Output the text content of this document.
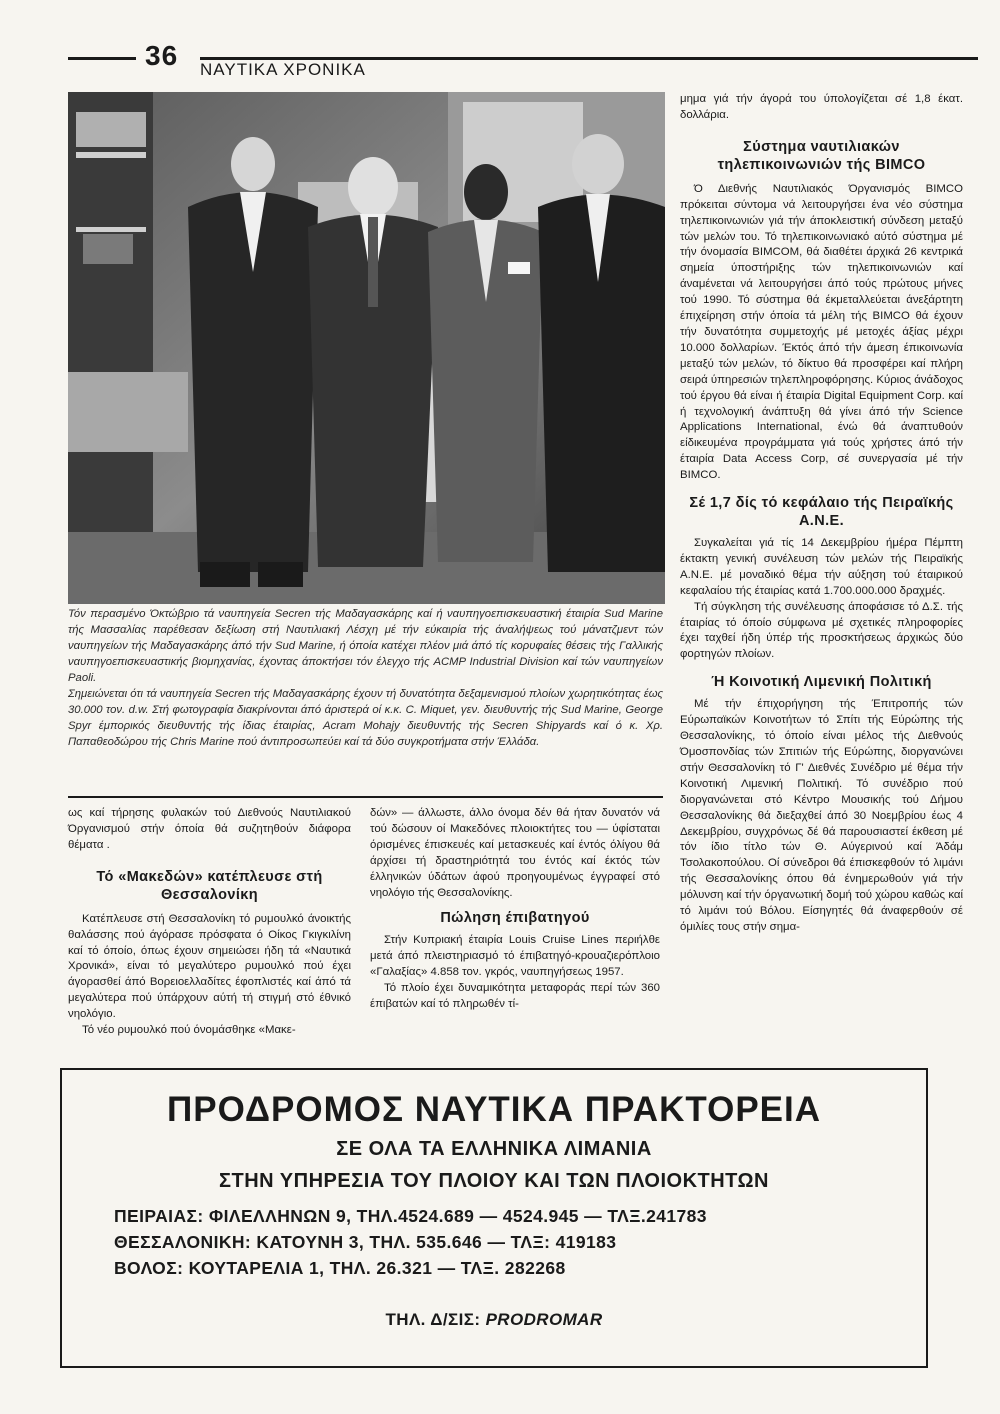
36 ΝΑΥΤΙΚΑ ΧΡΟΝΙΚΑ
Τόν περασμένο Όκτώβριο τά ναυπηγεία Secren τής Μαδαγασκάρης καί ή ναυπηγοεπισκευαστική έταιρία Sud Marine τής Μασσαλίας παρέθεσαν δεξίωση στή Ναυτιλιακή Λέσχη μέ τήν εύκαιρία τής άναλήψεως τού μάνατζμεντ τών ναυπηγείων τής Μαδαγασκάρης άπό τήν Sud Marine, ή όποία κατέχει πλέον μιά άπό τίς κορυφαίες θέσεις τής Γαλλικής ναυπηγοεπισκευαστικής βιομηχανίας, έχοντας άποκτήσει τόν έλεγχο τής ACMP Industrial Division καί τών ναυπηγείων Paoli.
Σημειώνεται ότι τά ναυπηγεία Secren τής Μαδαγασκάρης έχουν τή δυνατότητα δεξαμενισμού πλοίων χωρητικότητας έως 30.000 τον. d.w. Στή φωτογραφία διακρίνονται άπό άριστερά οί κ.κ. C. Miquet, γεν. διευθυντής τής Sud Marine, George Spyr έμπορικός διευθυντής τής ίδιας έταιρίας, Acram Mohajy διευθυντής τής Secren Shipyards καί ό κ. Χρ. Παπαθεοδώρου τής Chris Marine πού άντιπροσωπεύει καί τά δύο συγκροτήματα στήν Έλλάδα.

μημα γιά τήν άγορά του ύπολογίζεται σέ 1,8 έκατ. δολλάρια.

Σύστημα ναυτιλιακών τηλεπικοινωνιών τής BIMCO

Ό Διεθνής Ναυτιλιακός Όργανισμός BIMCO πρόκειται σύντομα νά λειτουργήσει ένα νέο σύστημα τηλεπικοινωνιών γιά τήν άποκλειστική σύνδεση μεταξύ τών μελών του. Τό τηλεπικοινωνιακό αύτό σύστημα μέ τήν όνομασία BIMCOM, θά διαθέτει άρχικά 26 κεντρικά σημεία ύποστήριξης τών τηλεπικοινωνιών καί άναμένεται νά λειτουργήσει άπό τούς πρώτους μήνες τού 1990. Τό σύστημα θά έκμεταλλεύεται άνεξάρτητη έπιχείρηση στήν όποία τά μέλη τής BIMCO θά έχουν τήν δυνατότητα συμμετοχής μέ μετοχές άξίας μέχρι 10.000 δολλαρίων. Έκτός άπό τήν άμεση έπικοινωνία μεταξύ τών μελών, τό δίκτυο θά προσφέρει καί πλήρη σειρά ύπηρεσιών τηλεπληροφόρησης. Κύριος άνάδοχος τού έργου θά είναι ή έταιρία Digital Equipment Corp. καί ή τεχνολογική άνάπτυξη θά γίνει άπό τήν Science Applications International, ένώ θά άναπτυθούν είδικευμένα προγράμματα γιά τούς χρήστες άπό τήν έταιρία Data Access Corp, σέ συνεργασία μέ τήν BIMCO.

Σέ 1,7 δίς τό κεφάλαιο τής Πειραϊκής Α.Ν.Ε.

Συγκαλείται γιά τίς 14 Δεκεμβρίου ήμέρα Πέμπτη έκτακτη γενική συνέλευση τών μελών τής Πειραϊκής Α.Ν.Ε. μέ μοναδικό θέμα τήν αύξηση τού έταιρικού κεφαλαίου τής έταιρίας κατά 1.700.000.000 δραχμές.

Τή σύγκληση τής συνέλευσης άποφάσισε τό Δ.Σ. τής έταιρίας τό όποίο σύμφωνα μέ σχετικές πληροφορίες έχει ταχθεί ήδη ύπέρ τής προσκτήσεως άρχικώς δύο φορτηγών πλοίων.

Ή Κοινοτική Λιμενική Πολιτική

Μέ τήν έπιχορήγηση τής Έπιτροπής τών Εύρωπαϊκών Κοινοτήτων τό Σπίτι τής Εύρώπης τής Θεσσαλονίκης, τό όποίο είναι μέλος τής Διεθνούς Όμοσπονδίας τών Σπιτιών τής Εύρώπης, διοργανώνει στήν Θεσσαλονίκη τό Γ' Διεθνές Συνέδριο μέ θέμα τήν Κοινοτική Λιμενική Πολιτική. Τό συνέδριο πού διοργανώνεται στό Κέντρο Μουσικής τού Δήμου Θεσσαλονίκης θά διεξαχθεί άπό 30 Νοεμβρίου έως 4 Δεκεμβρίου, συγχρόνως δέ θά παρουσιαστεί έκθεση μέ τόν ίδιο τίτλο τών Θ. Αύγερινού καί Άδάμ Τσολακοπούλου. Οί σύνεδροι θά έπισκεφθούν τό λιμάνι τής Θεσσαλονίκης όπου θά ένημερωθούν γιά τήν μόλυνση καί τήν όργανωτική δομή τού χώρου καθώς καί τό λιμάνι τού Βόλου. Είσηγητές θά άναφερθούν σέ όμιλίες τους στήν σημα-

ως καί τήρησης φυλακών τού Διεθνούς Ναυτιλιακού Όργανισμού στήν όποία θά συζητηθούν διάφορα θέματα .

Τό «Μακεδών» κατέπλευσε στή Θεσσαλονίκη

Κατέπλευσε στή Θεσσαλονίκη τό ρυμουλκό άνοικτής θαλάσσης πού άγόρασε πρόσφατα ό Οίκος Γκιγκιλίνη καί τό όποίο, όπως έχουν σημειώσει ήδη τά «Ναυτικά Χρονικά», είναι τό μεγαλύτερο ρυμουλκό πού έχει άγορασθεί άπό Βορειοελλαδίτες έφοπλιστές καί άπό τά μεγαλύτερα πού ύπάρχουν αύτή τή στιγμή στό έθνικό νηολόγιο.

Τό νέο ρυμουλκό πού όνομάσθηκε «Μακε-

δών» — άλλωστε, άλλο όνομα δέν θά ήταν δυνατόν νά τού δώσουν οί Μακεδόνες πλοιοκτήτες του — ύφίσταται όρισμένες έπισκευές καί μετασκευές καί έντός όλίγου θά άρχίσει τή δραστηριότητά του έντός καί έκτός τών έλληνικών ύδάτων άφού προηγουμένως έγγραφεί στό νηολόγιο τής Θεσσαλονίκης.

Πώληση έπιβατηγού

Στήν Κυπριακή έταιρία Louis Cruise Lines περιήλθε μετά άπό πλειστηριασμό τό έπιβατηγό-κρουαζιερόπλοιο «Γαλαξίας» 4.858 τον. γκρός, ναυπηγήσεως 1957.

Τό πλοίο έχει δυναμικότητα μεταφοράς περί τών 360 έπιβατών καί τό πληρωθέν τί-

ΠΡΟΔΡΟΜΟΣ ΝΑΥΤΙΚΑ ΠΡΑΚΤΟΡΕΙΑ
ΣΕ ΟΛΑ ΤΑ ΕΛΛΗΝΙΚΑ ΛΙΜΑΝΙΑ
ΣΤΗΝ ΥΠΗΡΕΣΙΑ ΤΟΥ ΠΛΟΙΟΥ ΚΑΙ ΤΩΝ ΠΛΟΙΟΚΤΗΤΩΝ
ΠΕΙΡΑΙΑΣ: ΦΙΛΕΛΛΗΝΩΝ 9, ΤΗΛ.4524.689 — 4524.945 — ΤΛΞ.241783
ΘΕΣΣΑΛΟΝΙΚΗ: ΚΑΤΟΥΝΗ 3, ΤΗΛ. 535.646 — ΤΛΞ: 419183
ΒΟΛΟΣ: ΚΟΥΤΑΡΕΛΙΑ 1, ΤΗΛ. 26.321 — ΤΛΞ. 282268
ΤΗΛ. Δ/ΣΙΣ: PRODROMAR
